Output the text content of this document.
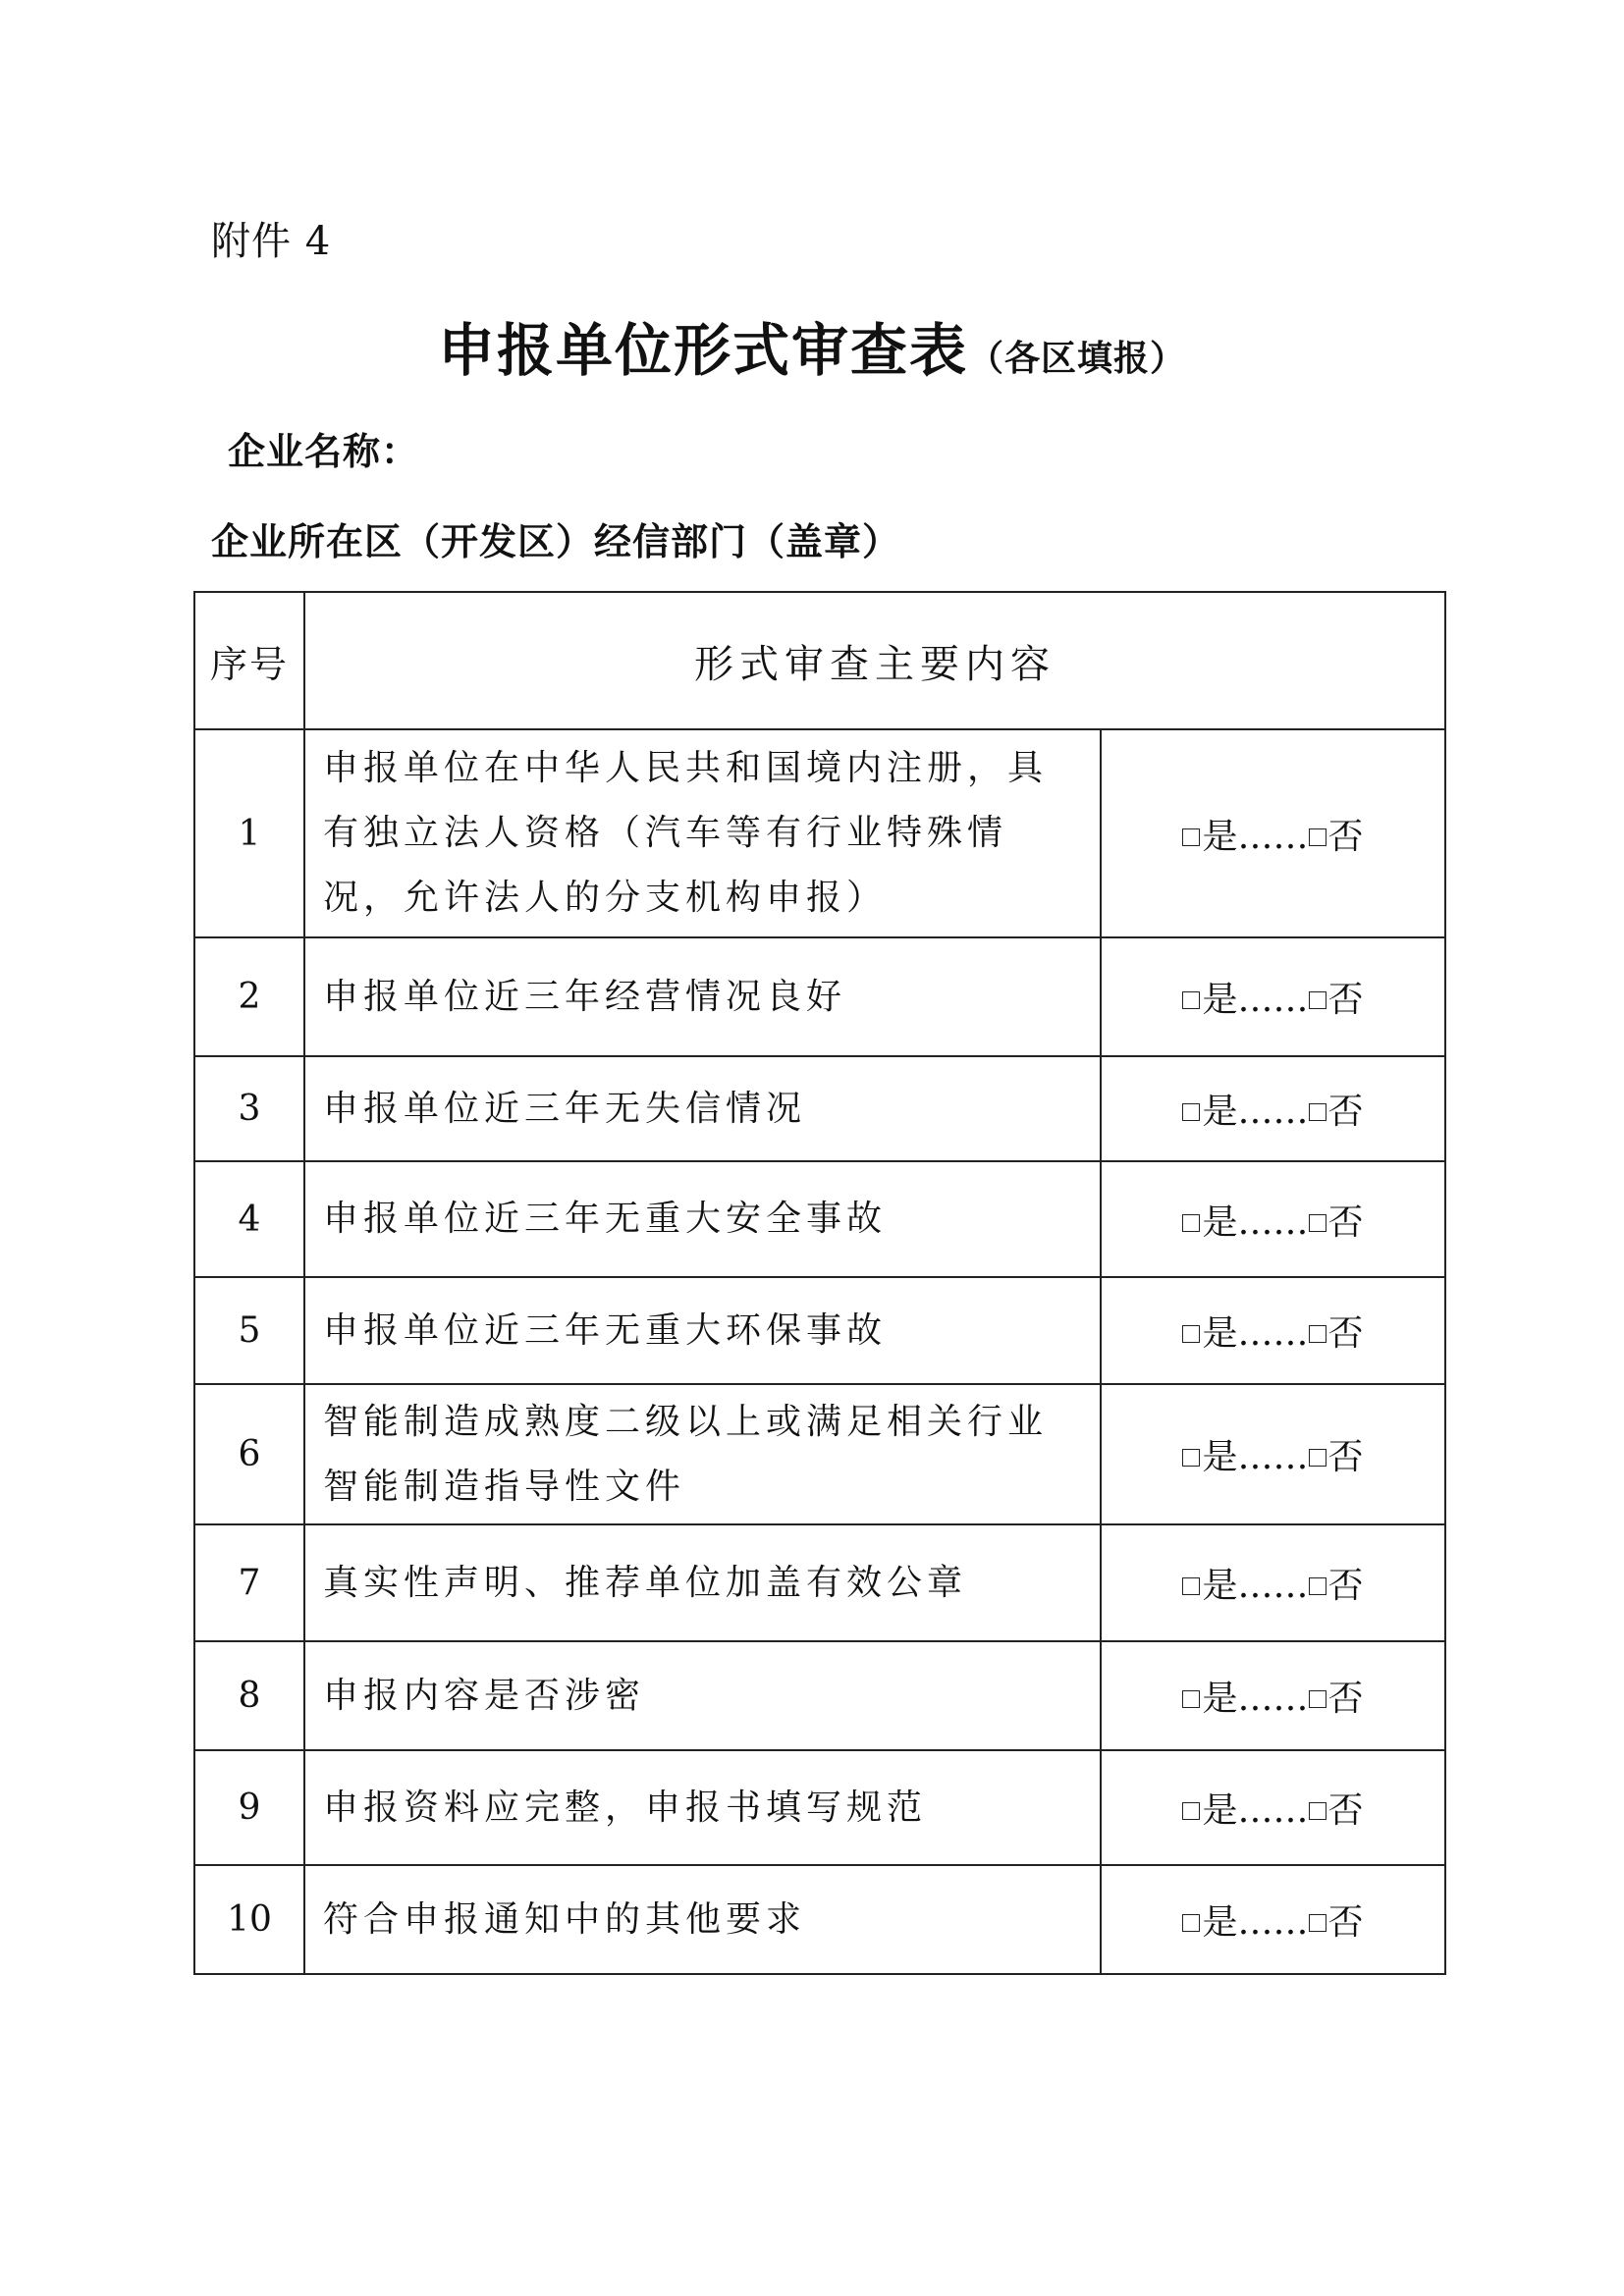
附件 4
申报单位形式审查表（各区填报）
企业名称：
企业所在区（开发区）经信部门（盖章）
序号	形式审查主要内容	
1	申报单位在中华人民共和国境内注册，具有独立法人资格（汽车等有行业特殊情况，允许法人的分支机构申报）	是…… 否
2	申报单位近三年经营情况良好	是…… 否
3	申报单位近三年无失信情况	是…… 否
4	申报单位近三年无重大安全事故	是…… 否
5	申报单位近三年无重大环保事故	是…… 否
6	智能制造成熟度二级以上或满足相关行业智能制造指导性文件	是…… 否
7	真实性声明、推荐单位加盖有效公章	是…… 否
8	申报内容是否涉密	是…… 否
9	申报资料应完整，申报书填写规范	是…… 否
10	符合申报通知中的其他要求	是…… 否
